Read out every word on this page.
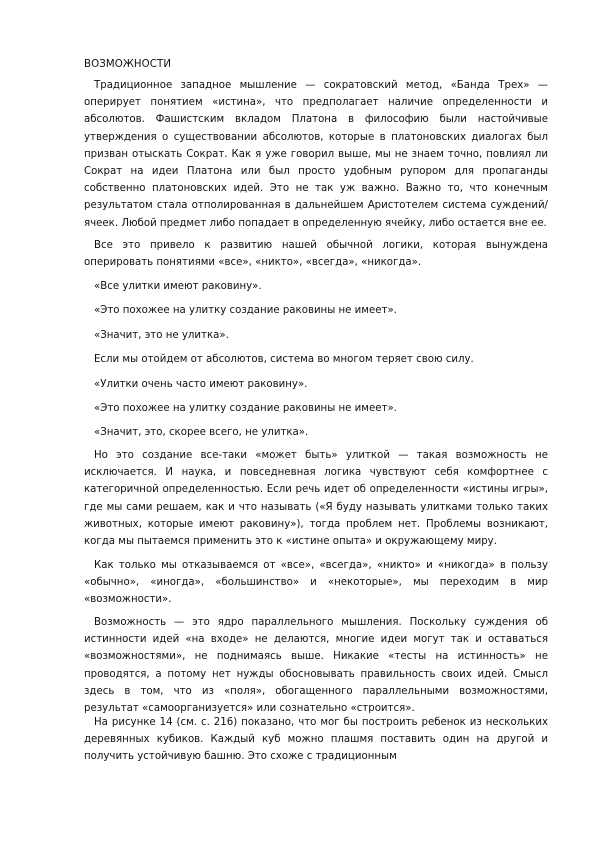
ВОЗМОЖНОСТИ

Традиционное западное мышление — сократовский метод, «Банда Трех» — оперирует понятием «истина», что предполагает наличие определенности и абсолютов. Фашистским вкладом Платона в философию были настойчивые утверждения о существовании абсолютов, которые в платоновских диалогах был призван отыскать Сократ. Как я уже говорил выше, мы не знаем точно, повлиял ли Сократ на идеи Платона или был просто удобным рупором для пропаганды собственно платоновских идей. Это не так уж важно. Важно то, что конечным результатом стала отполированная в дальнейшем Аристотелем система суждений/ ячеек. Любой предмет либо попадает в определенную ячейку, либо остается вне ее.

Все это привело к развитию нашей обычной логики, которая вынуждена оперировать понятиями «все», «никто», «всегда», «никогда».

«Все улитки имеют раковину».

«Это похожее на улитку создание раковины не имеет».

«Значит, это не улитка».

Если мы отойдем от абсолютов, система во многом теряет свою силу.

«Улитки очень часто имеют раковину».

«Это похожее на улитку создание раковины не имеет».

«Значит, это, скорее всего, не улитка».

Но это создание все-таки «может быть» улиткой — такая возможность не исключается. И наука, и повседневная логика чувствуют себя комфортнее с категоричной определенностью. Если речь идет об определенности «истины игры», где мы сами решаем, как и что называть («Я буду называть улитками только таких животных, которые имеют раковину»), тогда проблем нет. Проблемы возникают, когда мы пытаемся применить это к «истине опыта» и окружающему миру.

Как только мы отказываемся от «все», «всегда», «никто» и «никогда» в пользу «обычно», «иногда», «большинство» и «некоторые», мы переходим в мир «возможности».

Возможность — это ядро параллельного мышления. Поскольку суждения об истинности идей «на входе» не делаются, многие идеи могут так и оставаться «возможностями», не поднимаясь выше. Никакие «тесты на истинность» не проводятся, а потому нет нужды обосновывать правильность своих идей. Смысл здесь в том, что из «поля», обогащенного параллельными возможностями, результат «самоорганизуется» или сознательно «строится».

На рисунке 14 (см. с. 216) показано, что мог бы построить ребенок из нескольких деревянных кубиков. Каждый куб можно плашмя поставить один на другой и получить устойчивую башню. Это схоже с традиционным
